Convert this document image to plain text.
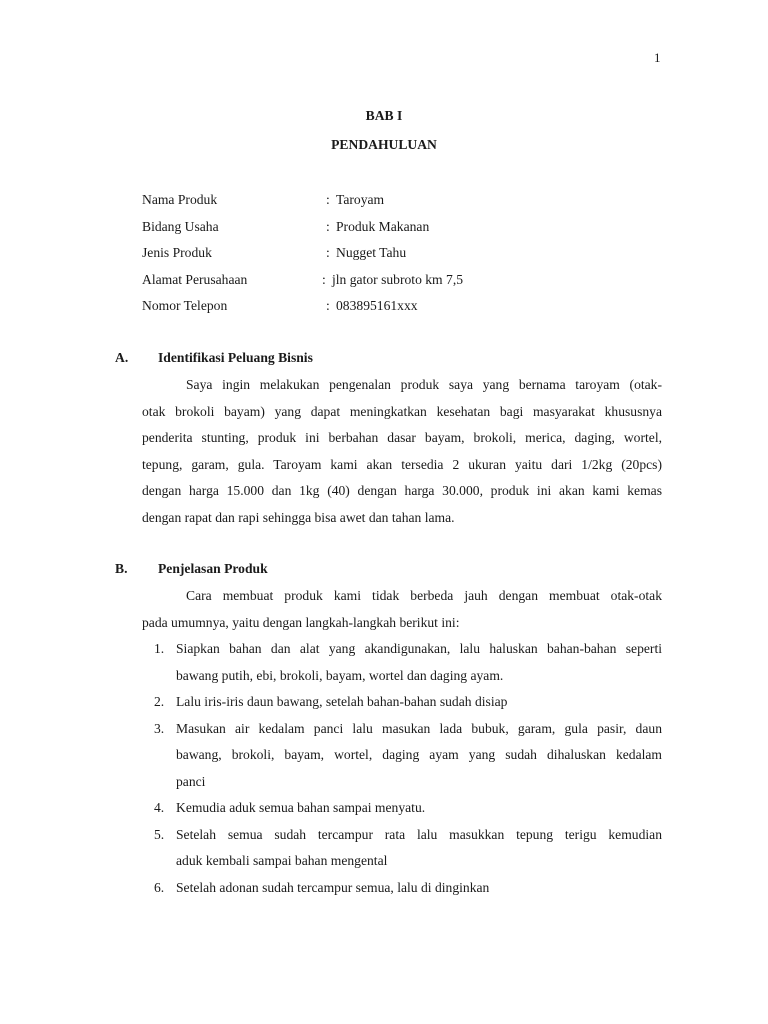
1
BAB I
PENDAHULUAN
Nama Produk	: Taroyam
Bidang Usaha	: Produk Makanan
Jenis Produk	: Nugget Tahu
Alamat Perusahaan	: jln gator subroto km 7,5
Nomor Telepon	: 083895161xxx
A. Identifikasi Peluang Bisnis
Saya ingin melakukan pengenalan produk saya yang bernama taroyam (otak-
otak brokoli bayam) yang dapat meningkatkan kesehatan bagi masyarakat khususnya
penderita stunting, produk ini berbahan dasar bayam, brokoli, merica, daging, wortel,
tepung, garam, gula. Taroyam kami akan tersedia 2 ukuran yaitu dari 1/2kg (20pcs)
dengan harga 15.000 dan 1kg (40) dengan harga 30.000, produk ini akan kami kemas
dengan rapat dan rapi sehingga bisa awet dan tahan lama.
B. Penjelasan Produk
Cara membuat produk kami tidak berbeda jauh dengan membuat otak-otak
pada umumnya, yaitu dengan langkah-langkah berikut ini:
1. Siapkan bahan dan alat yang akandigunakan, lalu haluskan bahan-bahan seperti
bawang putih, ebi, brokoli, bayam, wortel dan daging ayam.
2. Lalu iris-iris daun bawang, setelah bahan-bahan sudah disiap
3. Masukan air kedalam panci lalu masukan lada bubuk, garam, gula pasir, daun
bawang, brokoli, bayam, wortel, daging ayam yang sudah dihaluskan kedalam
panci
4. Kemudia aduk semua bahan sampai menyatu.
5. Setelah semua sudah tercampur rata lalu masukkan tepung terigu kemudian
aduk kembali sampai bahan mengental
6. Setelah adonan sudah tercampur semua, lalu di dinginkan
